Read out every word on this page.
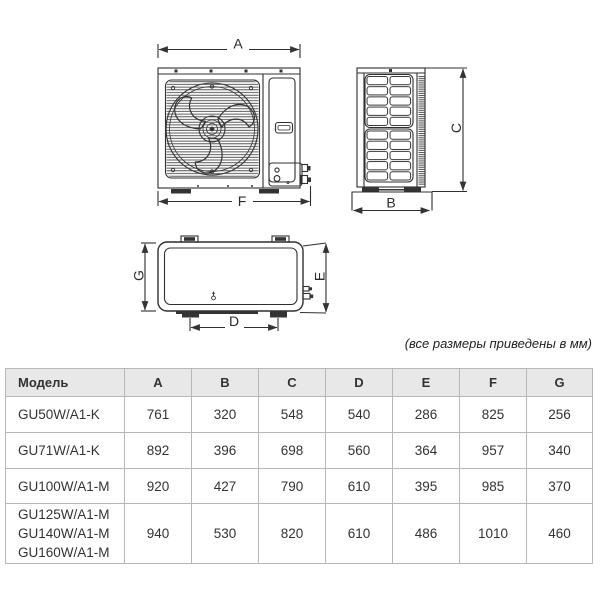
A
F	B
C
G	E
D
(все размеры приведены в мм)
Модель	A	B	C	D	E	F	G

GU50W/A1-K	761	320	548	540	286	825	256

GU71W/A1-K	892	396	698	560	364	957	340

GU100W/A1-M	920	427	790	610	395	985	370

GU125W/A1-M
GU140W/A1-M
GU160W/A1-M	940	530	820	610	486	1010	460
